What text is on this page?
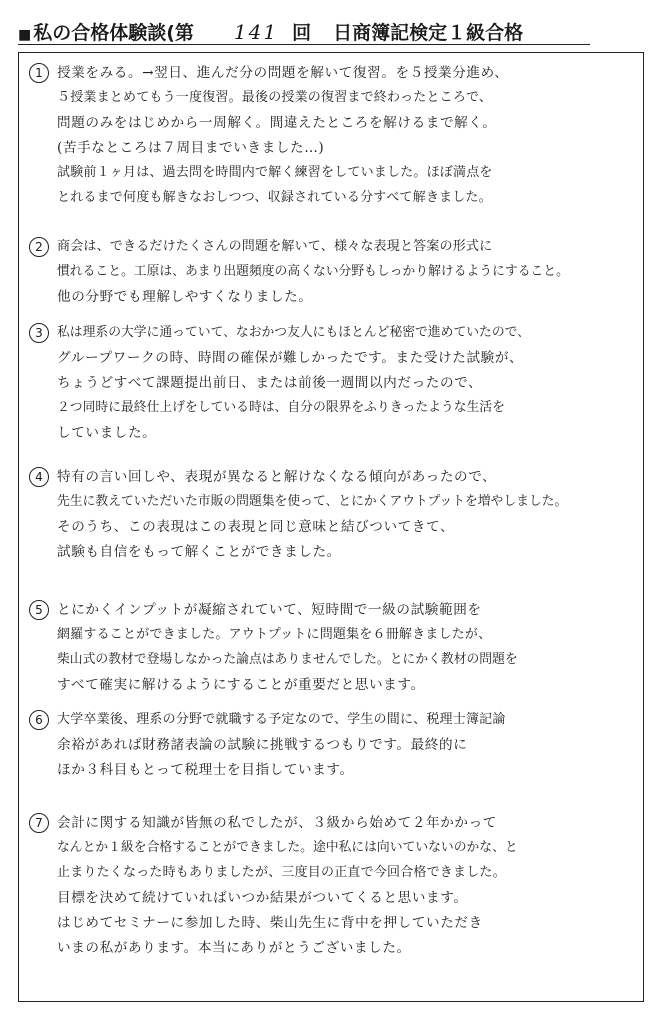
■ 私の合格体験談(第 141 回 日商簿記検定１級合格
1	授業をみる。→翌日、進んだ分の問題を解いて復習。を５授業分進め、
５授業まとめてもう一度復習。最後の授業の復習まで終わったところで、
問題のみをはじめから一周解く。間違えたところを解けるまで解く。
(苦手なところは７周目までいきました…)
試験前１ヶ月は、過去問を時間内で解く練習をしていました。ほぼ満点を
とれるまで何度も解きなおしつつ、収録されている分すべて解きました。
2	商会は、できるだけたくさんの問題を解いて、様々な表現と答案の形式に
慣れること。工原は、あまり出題頻度の高くない分野もしっかり解けるようにすること。
他の分野でも理解しやすくなりました。
3	私は理系の大学に通っていて、なおかつ友人にもほとんど秘密で進めていたので、
グループワークの時、時間の確保が難しかったです。また受けた試験が、
ちょうどすべて課題提出前日、または前後一週間以内だったので、
２つ同時に最終仕上げをしている時は、自分の限界をふりきったような生活を
していました。
4	特有の言い回しや、表現が異なると解けなくなる傾向があったので、
先生に教えていただいた市販の問題集を使って、とにかくアウトプットを増やしました。
そのうち、この表現はこの表現と同じ意味と結びついてきて、
試験も自信をもって解くことができました。
5	とにかくインプットが凝縮されていて、短時間で一級の試験範囲を
網羅することができました。アウトプットに問題集を６冊解きましたが、
柴山式の教材で登場しなかった論点はありませんでした。とにかく教材の問題を
すべて確実に解けるようにすることが重要だと思います。
6	大学卒業後、理系の分野で就職する予定なので、学生の間に、税理士簿記論
余裕があれば財務諸表論の試験に挑戦するつもりです。最終的に
ほか３科目もとって税理士を目指しています。
7	会計に関する知識が皆無の私でしたが、３級から始めて２年かかって
なんとか１級を合格することができました。途中私には向いていないのかな、と
止まりたくなった時もありましたが、三度目の正直で今回合格できました。
目標を決めて続けていればいつか結果がついてくると思います。
はじめてセミナーに参加した時、柴山先生に背中を押していただき
いまの私があります。本当にありがとうございました。
